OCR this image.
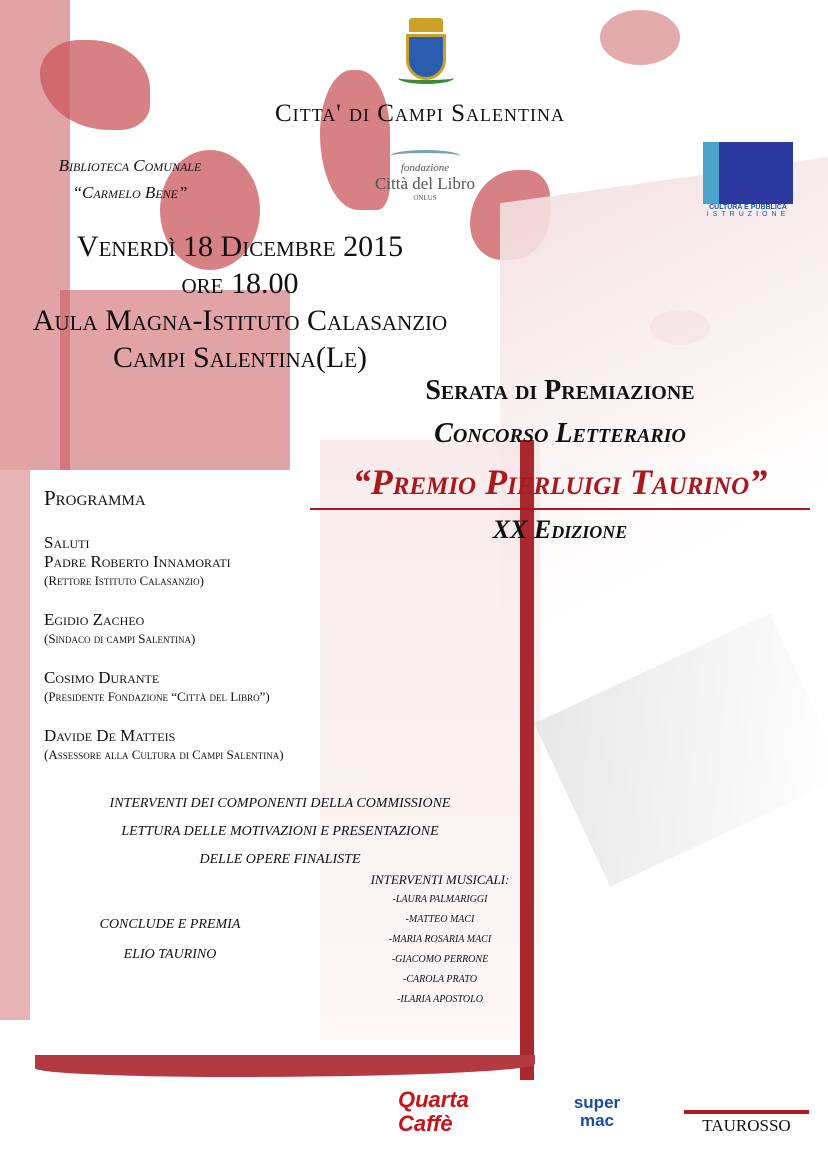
Citta' di Campi Salentina
Biblioteca Comunale
“Carmelo Bene”
fondazione
Città del Libro
ONLUS
CULTURA E PUBBLICA
ISTRUZIONE
Venerdì 18 Dicembre 2015
ore 18.00
Aula Magna-Istituto Calasanzio
Campi Salentina(Le)
Serata di Premiazione
Concorso Letterario
“Premio Pierluigi Taurino”
XX Edizione
Programma

Saluti

Padre Roberto Innamorati

(Rettore Istituto Calasanzio)

Egidio Zacheo

(Sindaco di campi Salentina)

Cosimo Durante

(Presidente Fondazione “Città del Libro”)

Davide De Matteis

(Assessore alla Cultura di Campi Salentina)

INTERVENTI DEI COMPONENTI DELLA COMMISSIONE
LETTURA DELLE MOTIVAZIONI E PRESENTAZIONE
DELLE OPERE FINALISTE
CONCLUDE E PREMIA
ELIO TAURINO
INTERVENTI MUSICALI:
-LAURA PALMARIGGI
-MATTEO MACI
-MARIA ROSARIA MACI
-GIACOMO PERRONE
-CAROLA PRATO
-ILARIA APOSTOLO
Quarta Caffè
super mac	TAUROSSO
